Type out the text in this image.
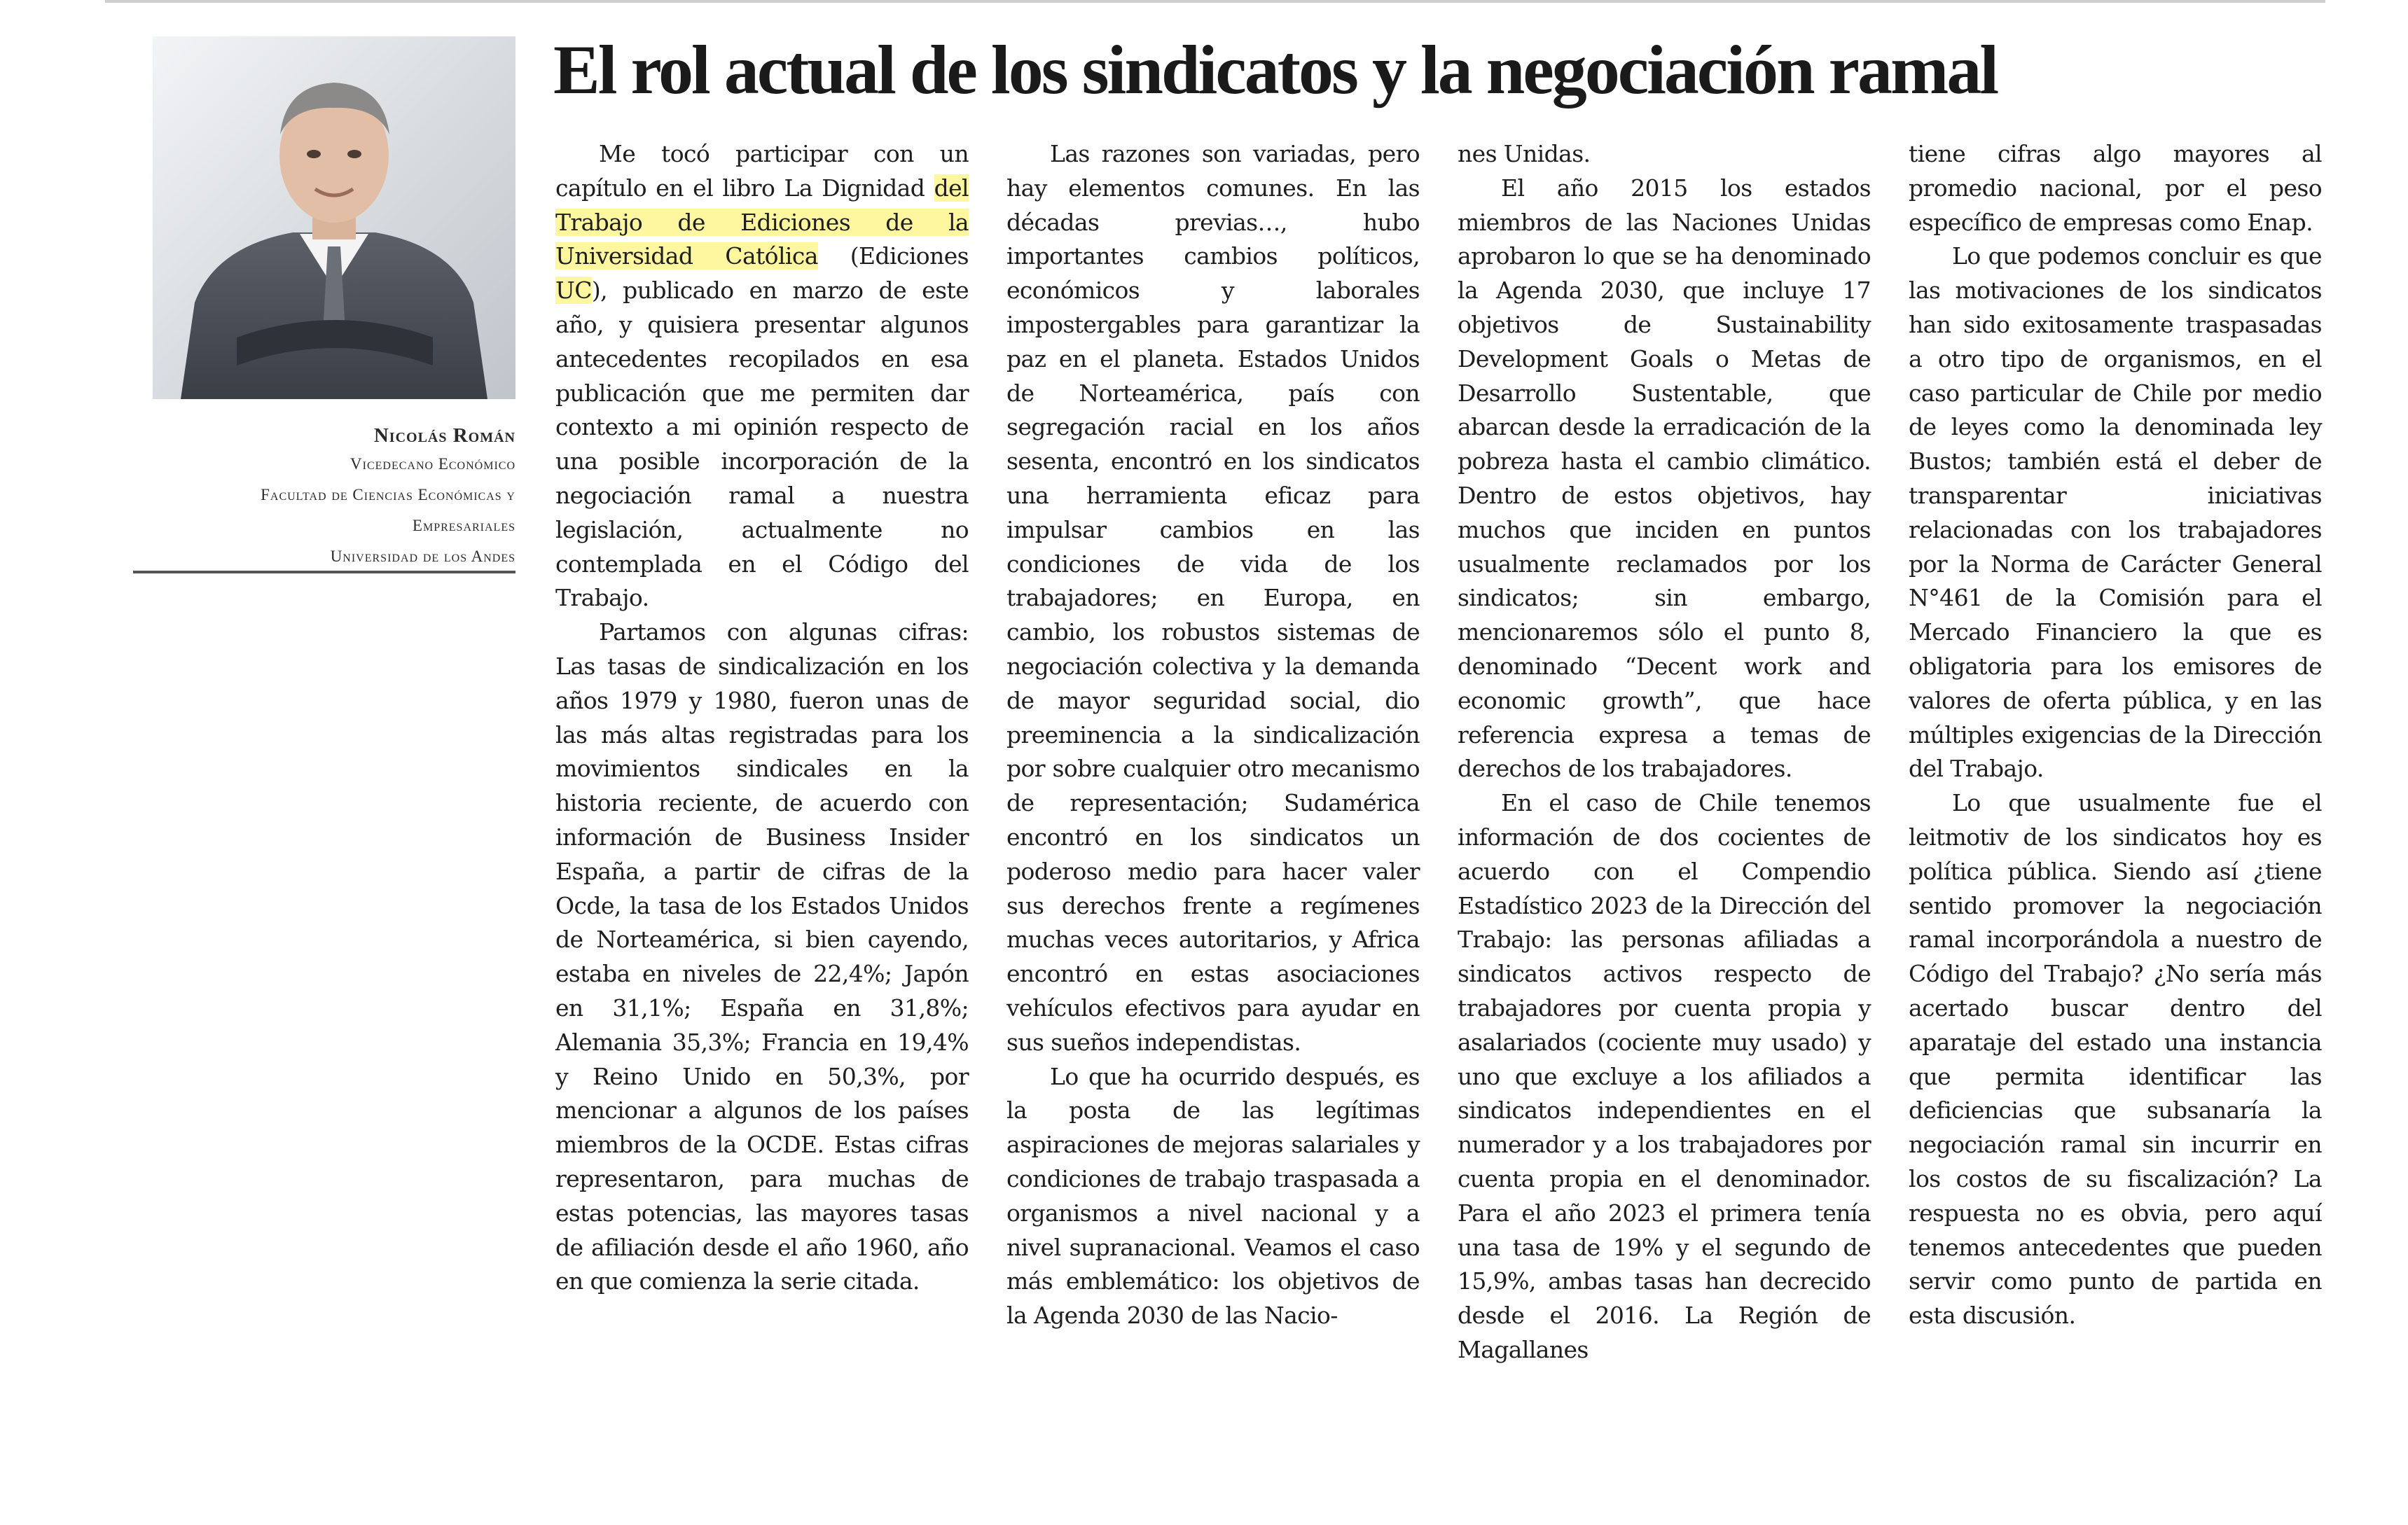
Nicolás Román
Vicedecano Económico
Facultad de Ciencias Económicas y
Empresariales
Universidad de los Andes
El rol actual de los sindicatos y la negociación ramal

Me tocó participar con un capítulo en el libro La Dignidad del Trabajo de Ediciones de la Universidad Católica (Ediciones UC), publicado en marzo de este año, y quisiera presentar algunos antecedentes recopilados en esa publicación que me permiten dar contexto a mi opinión respecto de una posible incorporación de la negociación ramal a nuestra legislación, actualmente no contemplada en el Código del Trabajo.

Partamos con algunas cifras: Las tasas de sindicalización en los años 1979 y 1980, fueron unas de las más altas registradas para los movimientos sindicales en la historia reciente, de acuerdo con información de Business Insider España, a partir de cifras de la Ocde, la tasa de los Estados Unidos de Norteamérica, si bien cayendo, estaba en niveles de 22,4%; Japón en 31,1%; España en 31,8%; Alemania 35,3%; Francia en 19,4% y Reino Unido en 50,3%, por mencionar a algunos de los países miembros de la OCDE. Estas cifras representaron, para muchas de estas potencias, las mayores tasas de afiliación desde el año 1960, año en que comienza la serie citada.

Las razones son variadas, pero hay elementos comunes. En las décadas previas…, hubo importantes cambios políticos, económicos y laborales impostergables para garantizar la paz en el planeta. Estados Unidos de Norteamérica, país con segregación racial en los años sesenta, encontró en los sindicatos una herramienta eficaz para impulsar cambios en las condiciones de vida de los trabajadores; en Europa, en cambio, los robustos sistemas de negociación colectiva y la demanda de mayor seguridad social, dio preeminencia a la sindicalización por sobre cualquier otro mecanismo de representación; Sudamérica encontró en los sindicatos un poderoso medio para hacer valer sus derechos frente a regímenes muchas veces autoritarios, y Africa encontró en estas asociaciones vehículos efectivos para ayudar en sus sueños independistas.

Lo que ha ocurrido después, es la posta de las legítimas aspiraciones de mejoras salariales y condiciones de trabajo traspasada a organismos a nivel nacional y a nivel supranacional. Veamos el caso más emblemático: los objetivos de la Agenda 2030 de las Nacio-

nes Unidas.

El año 2015 los estados miembros de las Naciones Unidas aprobaron lo que se ha denominado la Agenda 2030, que incluye 17 objetivos de Sustainability Development Goals o Metas de Desarrollo Sustentable, que abarcan desde la erradicación de la pobreza hasta el cambio climático. Dentro de estos objetivos, hay muchos que inciden en puntos usualmente reclamados por los sindicatos; sin embargo, mencionaremos sólo el punto 8, denominado “Decent work and economic growth”, que hace referencia expresa a temas de derechos de los trabajadores.

En el caso de Chile tenemos información de dos cocientes de acuerdo con el Compendio Estadístico 2023 de la Dirección del Trabajo: las personas afiliadas a sindicatos activos respecto de trabajadores por cuenta propia y asalariados (cociente muy usado) y uno que excluye a los afiliados a sindicatos independientes en el numerador y a los trabajadores por cuenta propia en el denominador. Para el año 2023 el primera tenía una tasa de 19% y el segundo de 15,9%, ambas tasas han decrecido desde el 2016. La Región de Magallanes

tiene cifras algo mayores al promedio nacional, por el peso específico de empresas como Enap.

Lo que podemos concluir es que las motivaciones de los sindicatos han sido exitosamente traspasadas a otro tipo de organismos, en el caso particular de Chile por medio de leyes como la denominada ley Bustos; también está el deber de transparentar iniciativas relacionadas con los trabajadores por la Norma de Carácter General N°461 de la Comisión para el Mercado Financiero la que es obligatoria para los emisores de valores de oferta pública, y en las múltiples exigencias de la Dirección del Trabajo.

Lo que usualmente fue el leitmotiv de los sindicatos hoy es política pública. Siendo así ¿tiene sentido promover la negociación ramal incorporándola a nuestro de Código del Trabajo? ¿No sería más acertado buscar dentro del aparataje del estado una instancia que permita identificar las deficiencias que subsanaría la negociación ramal sin incurrir en los costos de su fiscalización? La respuesta no es obvia, pero aquí tenemos antecedentes que pueden servir como punto de partida en esta discusión.
